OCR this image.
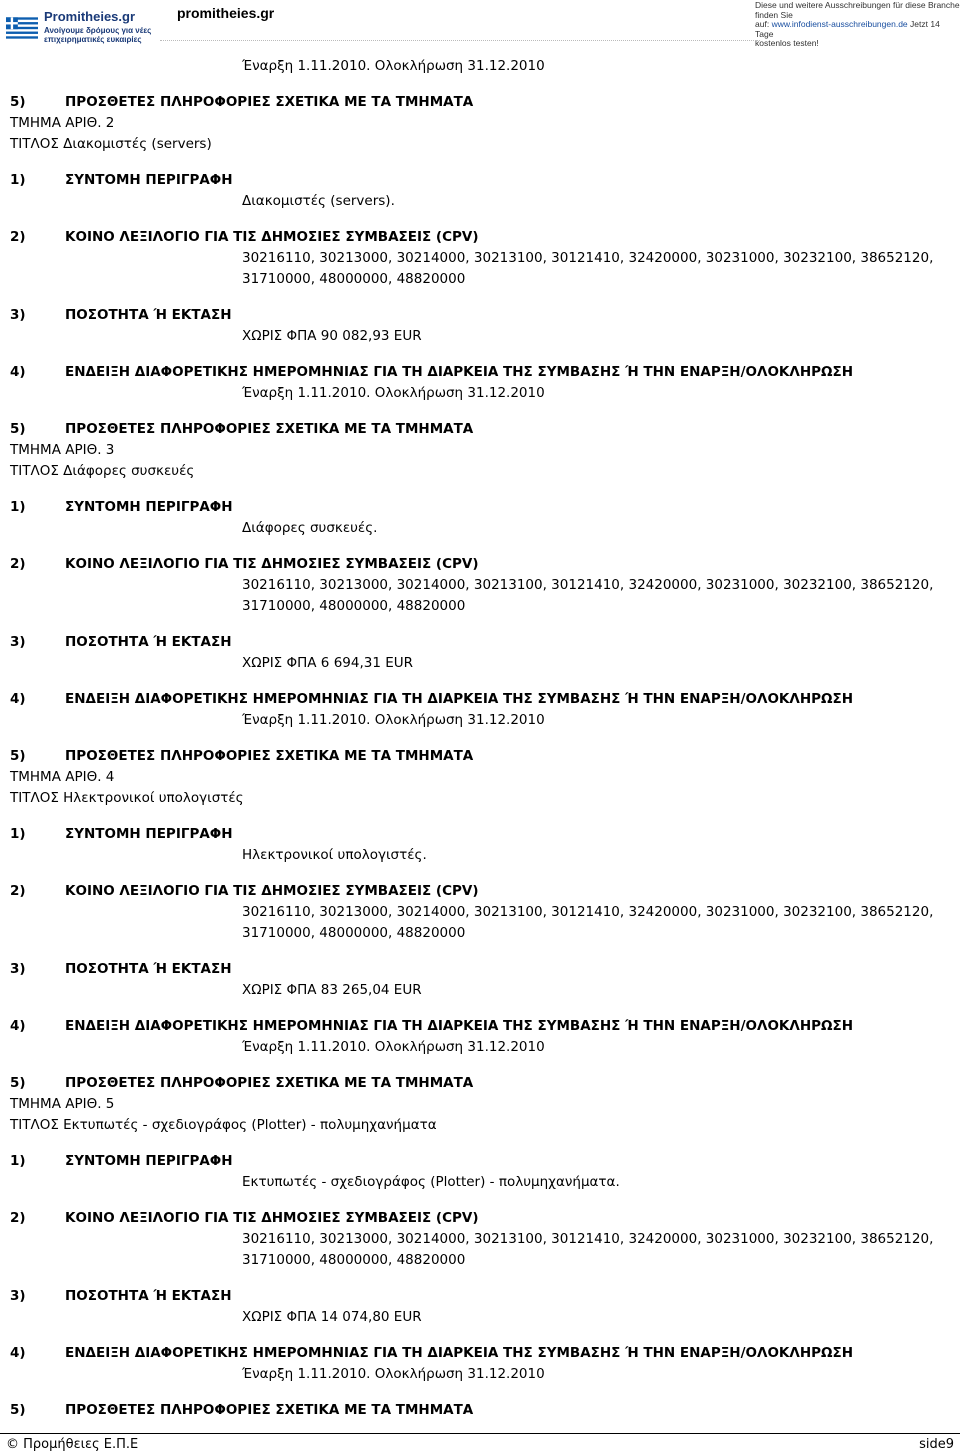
Promitheies.gr
Ανοίγουμε δρόμους για νέες επιχειρηματικές ευκαιρίες
promitheies.gr	Diese und weitere Ausschreibungen für diese Branche finden Sie
auf: www.infodienst-ausschreibungen.de Jetzt 14 Tage
kostenlos testen!
Έναρξη 1.11.2010. Ολοκλήρωση 31.12.2010
5)	ΠΡΟΣΘΕΤΕΣ ΠΛΗΡΟΦΟΡΙΕΣ ΣΧΕΤΙΚΑ ΜΕ ΤΑ ΤΜΗΜΑΤΑ
ΤΜΗΜΑ ΑΡΙΘ. 2
ΤΙΤΛΟΣ Διακομιστές (servers)
1)	ΣΥΝΤΟΜΗ ΠΕΡΙΓΡΑΦΗ
Διακομιστές (servers).
2)	ΚΟΙΝΟ ΛΕΞΙΛΟΓΙΟ ΓΙΑ ΤΙΣ ΔΗΜΟΣΙΕΣ ΣΥΜΒΑΣΕΙΣ (CPV)
30216110, 30213000, 30214000, 30213100, 30121410, 32420000, 30231000, 30232100, 38652120,
31710000, 48000000, 48820000
3)	ΠΟΣΟΤΗΤΑ Ή ΕΚΤΑΣΗ
ΧΩΡΙΣ ΦΠΑ 90 082,93 EUR
4)	ΕΝΔΕΙΞΗ ΔΙΑΦΟΡΕΤΙΚΗΣ ΗΜΕΡΟΜΗΝΙΑΣ ΓΙΑ ΤΗ ΔΙΑΡΚΕΙΑ ΤΗΣ ΣΥΜΒΑΣΗΣ Ή ΤΗΝ ΕΝΑΡΞΗ/ΟΛΟΚΛΗΡΩΣΗ
Έναρξη 1.11.2010. Ολοκλήρωση 31.12.2010
5)	ΠΡΟΣΘΕΤΕΣ ΠΛΗΡΟΦΟΡΙΕΣ ΣΧΕΤΙΚΑ ΜΕ ΤΑ ΤΜΗΜΑΤΑ
ΤΜΗΜΑ ΑΡΙΘ. 3
ΤΙΤΛΟΣ Διάφορες συσκευές
1)	ΣΥΝΤΟΜΗ ΠΕΡΙΓΡΑΦΗ
Διάφορες συσκευές.
2)	ΚΟΙΝΟ ΛΕΞΙΛΟΓΙΟ ΓΙΑ ΤΙΣ ΔΗΜΟΣΙΕΣ ΣΥΜΒΑΣΕΙΣ (CPV)
30216110, 30213000, 30214000, 30213100, 30121410, 32420000, 30231000, 30232100, 38652120,
31710000, 48000000, 48820000
3)	ΠΟΣΟΤΗΤΑ Ή ΕΚΤΑΣΗ
ΧΩΡΙΣ ΦΠΑ 6 694,31 EUR
4)	ΕΝΔΕΙΞΗ ΔΙΑΦΟΡΕΤΙΚΗΣ ΗΜΕΡΟΜΗΝΙΑΣ ΓΙΑ ΤΗ ΔΙΑΡΚΕΙΑ ΤΗΣ ΣΥΜΒΑΣΗΣ Ή ΤΗΝ ΕΝΑΡΞΗ/ΟΛΟΚΛΗΡΩΣΗ
Έναρξη 1.11.2010. Ολοκλήρωση 31.12.2010
5)	ΠΡΟΣΘΕΤΕΣ ΠΛΗΡΟΦΟΡΙΕΣ ΣΧΕΤΙΚΑ ΜΕ ΤΑ ΤΜΗΜΑΤΑ
ΤΜΗΜΑ ΑΡΙΘ. 4
ΤΙΤΛΟΣ Ηλεκτρονικοί υπολογιστές
1)	ΣΥΝΤΟΜΗ ΠΕΡΙΓΡΑΦΗ
Ηλεκτρονικοί υπολογιστές.
2)	ΚΟΙΝΟ ΛΕΞΙΛΟΓΙΟ ΓΙΑ ΤΙΣ ΔΗΜΟΣΙΕΣ ΣΥΜΒΑΣΕΙΣ (CPV)
30216110, 30213000, 30214000, 30213100, 30121410, 32420000, 30231000, 30232100, 38652120,
31710000, 48000000, 48820000
3)	ΠΟΣΟΤΗΤΑ Ή ΕΚΤΑΣΗ
ΧΩΡΙΣ ΦΠΑ 83 265,04 EUR
4)	ΕΝΔΕΙΞΗ ΔΙΑΦΟΡΕΤΙΚΗΣ ΗΜΕΡΟΜΗΝΙΑΣ ΓΙΑ ΤΗ ΔΙΑΡΚΕΙΑ ΤΗΣ ΣΥΜΒΑΣΗΣ Ή ΤΗΝ ΕΝΑΡΞΗ/ΟΛΟΚΛΗΡΩΣΗ
Έναρξη 1.11.2010. Ολοκλήρωση 31.12.2010
5)	ΠΡΟΣΘΕΤΕΣ ΠΛΗΡΟΦΟΡΙΕΣ ΣΧΕΤΙΚΑ ΜΕ ΤΑ ΤΜΗΜΑΤΑ
ΤΜΗΜΑ ΑΡΙΘ. 5
ΤΙΤΛΟΣ Εκτυπωτές - σχεδιογράφος (Plotter) - πολυμηχανήματα
1)	ΣΥΝΤΟΜΗ ΠΕΡΙΓΡΑΦΗ
Εκτυπωτές - σχεδιογράφος (Plotter) - πολυμηχανήματα.
2)	ΚΟΙΝΟ ΛΕΞΙΛΟΓΙΟ ΓΙΑ ΤΙΣ ΔΗΜΟΣΙΕΣ ΣΥΜΒΑΣΕΙΣ (CPV)
30216110, 30213000, 30214000, 30213100, 30121410, 32420000, 30231000, 30232100, 38652120,
31710000, 48000000, 48820000
3)	ΠΟΣΟΤΗΤΑ Ή ΕΚΤΑΣΗ
ΧΩΡΙΣ ΦΠΑ 14 074,80 EUR
4)	ΕΝΔΕΙΞΗ ΔΙΑΦΟΡΕΤΙΚΗΣ ΗΜΕΡΟΜΗΝΙΑΣ ΓΙΑ ΤΗ ΔΙΑΡΚΕΙΑ ΤΗΣ ΣΥΜΒΑΣΗΣ Ή ΤΗΝ ΕΝΑΡΞΗ/ΟΛΟΚΛΗΡΩΣΗ
Έναρξη 1.11.2010. Ολοκλήρωση 31.12.2010
5)	ΠΡΟΣΘΕΤΕΣ ΠΛΗΡΟΦΟΡΙΕΣ ΣΧΕΤΙΚΑ ΜΕ ΤΑ ΤΜΗΜΑΤΑ
© Προμήθειες Ε.Π.Ε	side9
